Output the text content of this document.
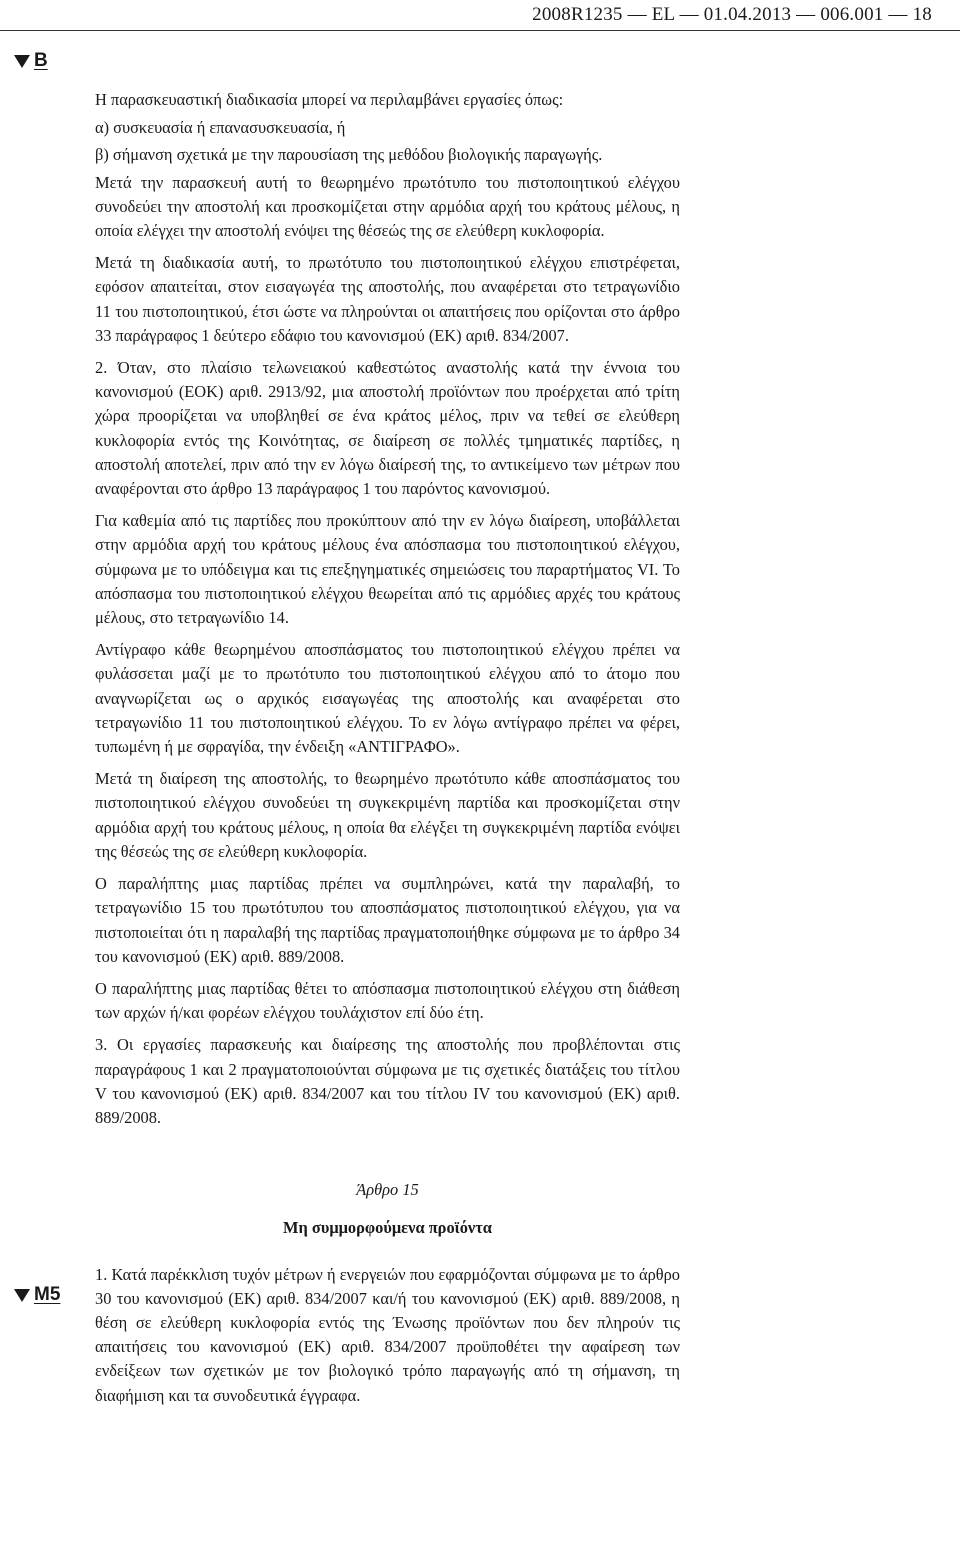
2008R1235 — EL — 01.04.2013 — 006.001 — 18
B
M5

Η παρασκευαστική διαδικασία μπορεί να περιλαμβάνει εργασίες όπως:

α) συσκευασία ή επανασυσκευασία, ή

β) σήμανση σχετικά με την παρουσίαση της μεθόδου βιολογικής παραγωγής.

Μετά την παρασκευή αυτή το θεωρημένο πρωτότυπο του πιστοποιητικού ελέγχου συνοδεύει την αποστολή και προσκομίζεται στην αρμόδια αρχή του κράτους μέλους, η οποία ελέγχει την αποστολή ενόψει της θέσεώς της σε ελεύθερη κυκλοφορία.

Μετά τη διαδικασία αυτή, το πρωτότυπο του πιστοποιητικού ελέγχου επιστρέφεται, εφόσον απαιτείται, στον εισαγωγέα της αποστολής, που αναφέρεται στο τετραγωνίδιο 11 του πιστοποιητικού, έτσι ώστε να πληρούνται οι απαιτήσεις που ορίζονται στο άρθρο 33 παράγραφος 1 δεύτερο εδάφιο του κανονισμού (ΕΚ) αριθ. 834/2007.

2. Όταν, στο πλαίσιο τελωνειακού καθεστώτος αναστολής κατά την έννοια του κανονισμού (ΕΟΚ) αριθ. 2913/92, μια αποστολή προϊόντων που προέρχεται από τρίτη χώρα προορίζεται να υποβληθεί σε ένα κράτος μέλος, πριν να τεθεί σε ελεύθερη κυκλοφορία εντός της Κοινότητας, σε διαίρεση σε πολλές τμηματικές παρτίδες, η αποστολή αποτελεί, πριν από την εν λόγω διαίρεσή της, το αντικείμενο των μέτρων που αναφέρονται στο άρθρο 13 παράγραφος 1 του παρόντος κανονισμού.

Για καθεμία από τις παρτίδες που προκύπτουν από την εν λόγω διαίρεση, υποβάλλεται στην αρμόδια αρχή του κράτους μέλους ένα απόσπασμα του πιστοποιητικού ελέγχου, σύμφωνα με το υπόδειγμα και τις επεξηγηματικές σημειώσεις του παραρτήματος VI. Το απόσπασμα του πιστοποιητικού ελέγχου θεωρείται από τις αρμόδιες αρχές του κράτους μέλους, στο τετραγωνίδιο 14.

Αντίγραφο κάθε θεωρημένου αποσπάσματος του πιστοποιητικού ελέγχου πρέπει να φυλάσσεται μαζί με το πρωτότυπο του πιστοποιητικού ελέγχου από το άτομο που αναγνωρίζεται ως ο αρχικός εισαγωγέας της αποστολής και αναφέρεται στο τετραγωνίδιο 11 του πιστοποιητικού ελέγχου. Το εν λόγω αντίγραφο πρέπει να φέρει, τυπωμένη ή με σφραγίδα, την ένδειξη «ΑΝΤΙΓΡΑΦΟ».

Μετά τη διαίρεση της αποστολής, το θεωρημένο πρωτότυπο κάθε αποσπάσματος του πιστοποιητικού ελέγχου συνοδεύει τη συγκεκριμένη παρτίδα και προσκομίζεται στην αρμόδια αρχή του κράτους μέλους, η οποία θα ελέγξει τη συγκεκριμένη παρτίδα ενόψει της θέσεώς της σε ελεύθερη κυκλοφορία.

Ο παραλήπτης μιας παρτίδας πρέπει να συμπληρώνει, κατά την παραλαβή, το τετραγωνίδιο 15 του πρωτότυπου του αποσπάσματος πιστοποιητικού ελέγχου, για να πιστοποιείται ότι η παραλαβή της παρτίδας πραγματοποιήθηκε σύμφωνα με το άρθρο 34 του κανονισμού (ΕΚ) αριθ. 889/2008.

Ο παραλήπτης μιας παρτίδας θέτει το απόσπασμα πιστοποιητικού ελέγχου στη διάθεση των αρχών ή/και φορέων ελέγχου τουλάχιστον επί δύο έτη.

3. Οι εργασίες παρασκευής και διαίρεσης της αποστολής που προβλέπονται στις παραγράφους 1 και 2 πραγματοποιούνται σύμφωνα με τις σχετικές διατάξεις του τίτλου V του κανονισμού (ΕΚ) αριθ. 834/2007 και του τίτλου IV του κανονισμού (ΕΚ) αριθ. 889/2008.

Άρθρο 15

Μη συμμορφούμενα προϊόντα

1. Κατά παρέκκλιση τυχόν μέτρων ή ενεργειών που εφαρμόζονται σύμφωνα με το άρθρο 30 του κανονισμού (ΕΚ) αριθ. 834/2007 και/ή του κανονισμού (ΕΚ) αριθ. 889/2008, η θέση σε ελεύθερη κυκλοφορία εντός της Ένωσης προϊόντων που δεν πληρούν τις απαιτήσεις του κανονισμού (ΕΚ) αριθ. 834/2007 προϋποθέτει την αφαίρεση των ενδείξεων των σχετικών με τον βιολογικό τρόπο παραγωγής από τη σήμανση, τη διαφήμιση και τα συνοδευτικά έγγραφα.
